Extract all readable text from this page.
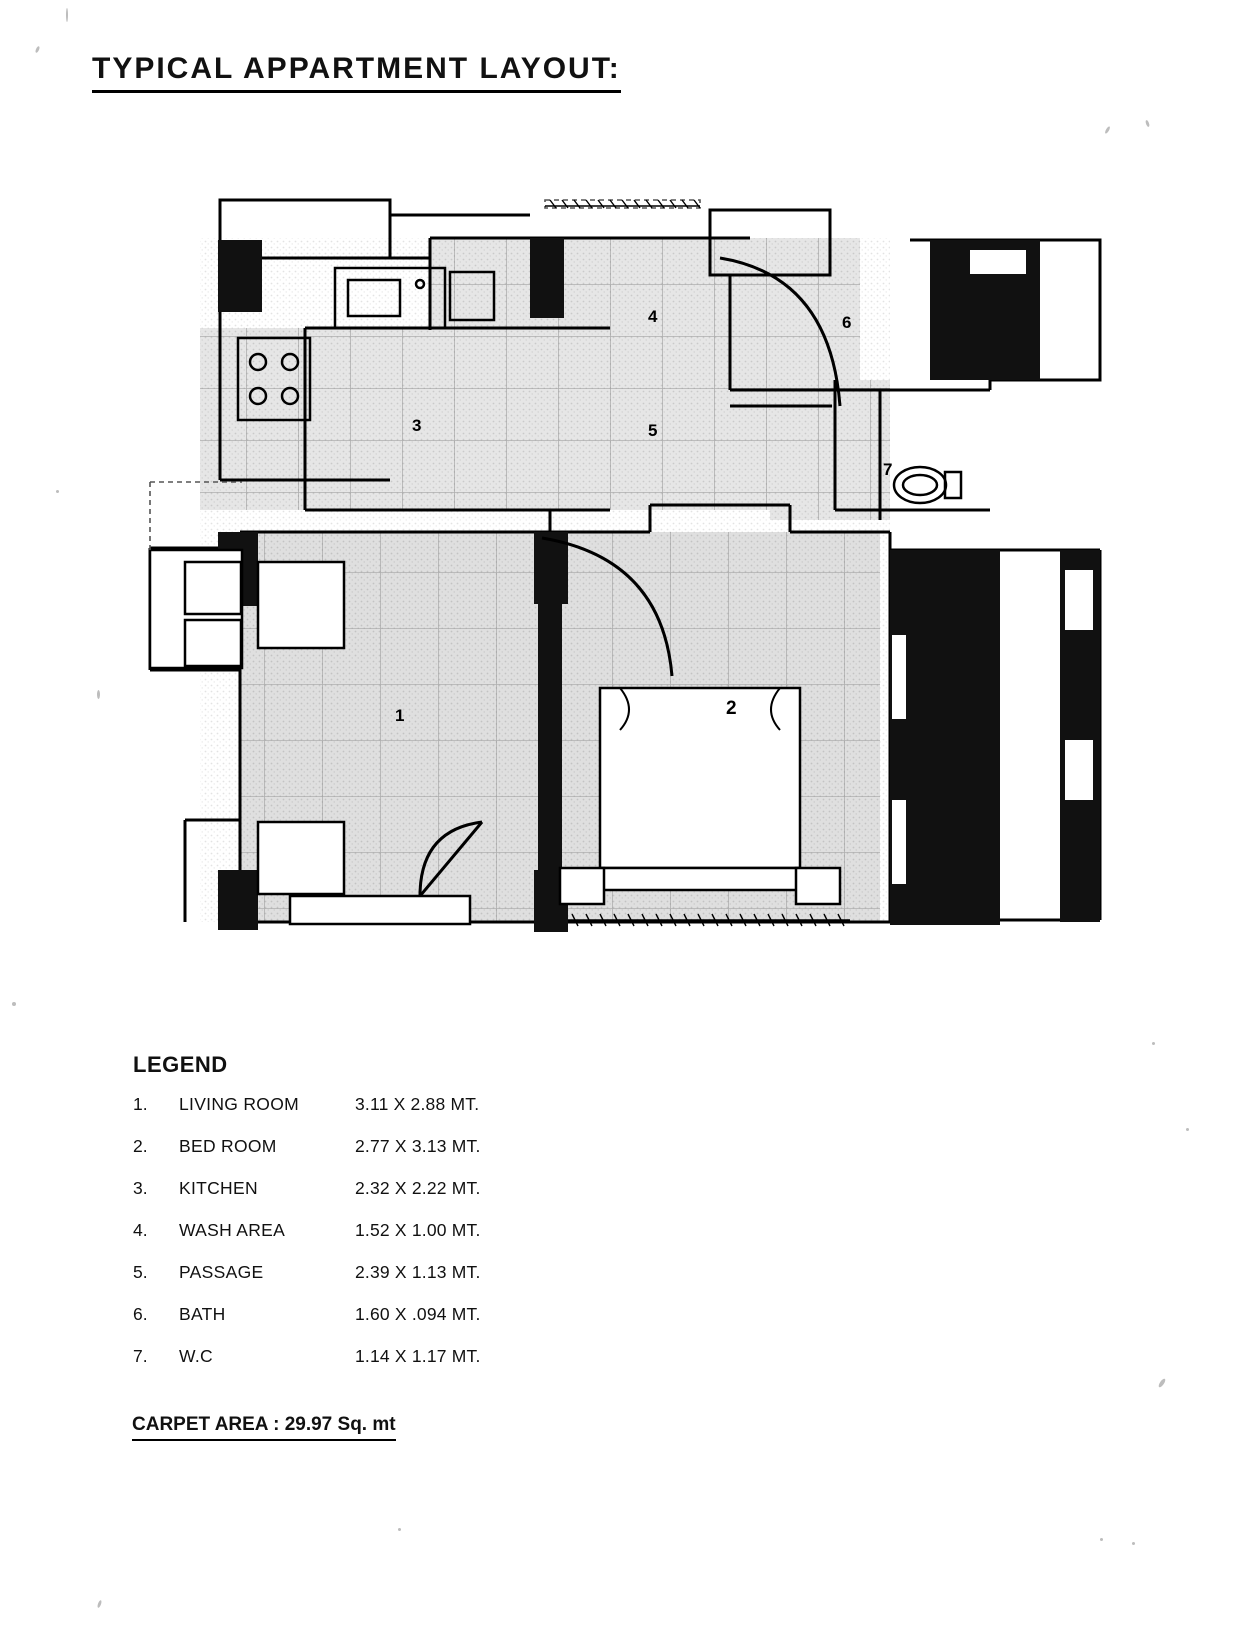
TYPICAL APPARTMENT LAYOUT:
1	2
3
4
5
6
7
LEGEND
1.	LIVING ROOM	3.11 X 2.88 MT.
2.	BED ROOM	2.77 X 3.13 MT.
3.	KITCHEN	2.32 X 2.22 MT.
4.	WASH AREA	1.52 X 1.00 MT.
5.	PASSAGE	2.39 X 1.13 MT.
6.	BATH	1.60 X .094 MT.
7.	W.C	1.14 X 1.17 MT.
CARPET AREA : 29.97 Sq. mt
